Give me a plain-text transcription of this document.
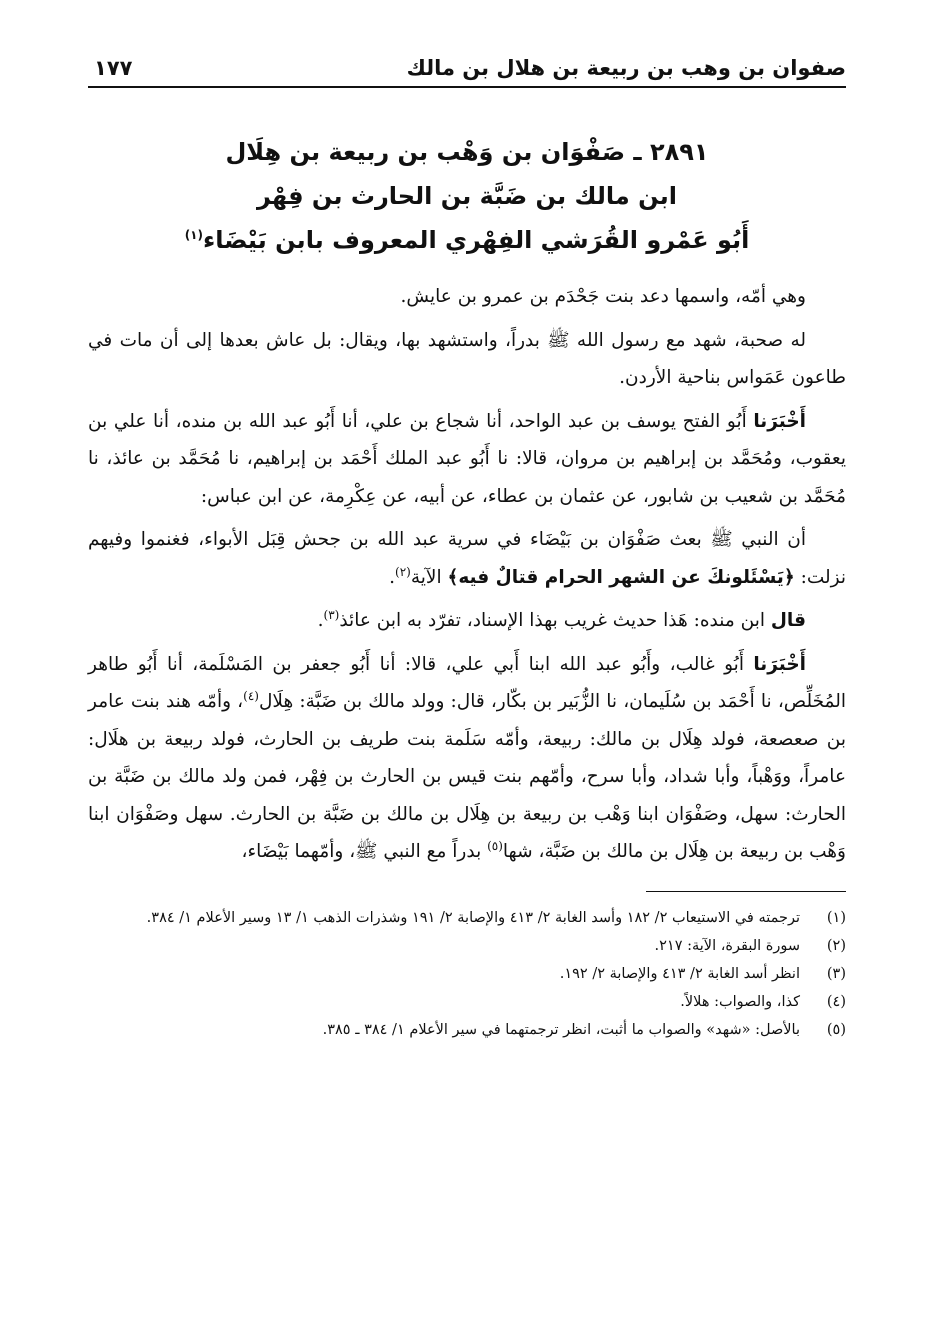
صفوان بن وهب بن ربيعة بن هلال بن مالك
١٧٧
٢٨٩١ ـ صَفْوَان بن وَهْب بن ربيعة بن هِلَال
ابن مالك بن ضَبَّة بن الحارث بن فِهْر
أَبُو عَمْرو القُرَشي الفِهْري المعروف بابن بَيْضَاء$^{(١)}$

وهي أمّه، واسمها دعد بنت جَحْدَم بن عمرو بن عايش.

له صحبة، شهد مع رسول الله ﷺ بدراً، واستشهد بها، ويقال: بل عاش بعدها إلى أن مات في طاعون عَمَواس بناحية الأردن.

أَخْبَرَنا أَبُو الفتح يوسف بن عبد الواحد، أنا شجاع بن علي، أنا أَبُو عبد الله بن منده، أنا علي بن يعقوب، ومُحَمَّد بن إبراهيم بن مروان، قالا: نا أَبُو عبد الملك أَحْمَد بن إبراهيم، نا مُحَمَّد بن عائذ، نا مُحَمَّد بن شعيب بن شابور، عن عثمان بن عطاء، عن أبيه، عن عِكْرِمة، عن ابن عباس:

أن النبي ﷺ بعث صَفْوَان بن بَيْضَاء في سرية عبد الله بن جحش قِبَل الأبواء، فغنموا وفيهم نزلت: ﴿يَسْئَلونكَ عن الشهر الحرام قتالٌ فيه﴾ الآية$^{(٢)}$.

قال ابن منده: هَذا حديث غريب بهذا الإسناد، تفرّد به ابن عائذ$^{(٣)}$.

أَخْبَرَنا أَبُو غالب، وأَبُو عبد الله ابنا أَبي علي، قالا: أنا أَبُو جعفر بن المَسْلَمة، أنا أَبُو طاهر المُخَلِّص، نا أَحْمَد بن سُلَيمان، نا الزُّبَير بن بكّار، قال: وولد مالك بن ضَبَّة: هِلَال$^{(٤)}$، وأمّه هند بنت عامر بن صعصعة، فولد هِلَال بن مالك: ربيعة، وأمّه سَلَمة بنت طريف بن الحارث، فولد ربيعة بن هلَال: عامراً، ووَهْباً، وأبا شداد، وأبا سرح، وأمّهم بنت قيس بن الحارث بن فِهْر، فمن ولد مالك بن ضَبَّة بن الحارث: سهل، وصَفْوَان ابنا وَهْب بن ربيعة بن هِلَال بن مالك بن ضَبَّة بن الحارث. سهل وصَفْوَان ابنا وَهْب بن ربيعة بن هِلَال بن مالك بن ضَبَّة، شها$^{(٥)}$ بدراً مع النبي ﷺ، وأمّهما بَيْضَاء،

(١)
ترجمته في الاستيعاب ٢/ ١٨٢ وأسد الغابة ٢/ ٤١٣ والإصابة ٢/ ١٩١ وشذرات الذهب ١/ ١٣ وسير الأعلام ١/ ٣٨٤.
(٢)
سورة البقرة، الآية: ٢١٧.
(٣)
انظر أسد الغابة ٢/ ٤١٣ والإصابة ٢/ ١٩٢.
(٤)
كذا، والصواب: هلالاً.
(٥)
بالأصل: «شهد» والصواب ما أثبت، انظر ترجمتهما في سير الأعلام ١/ ٣٨٤ ـ ٣٨٥.
